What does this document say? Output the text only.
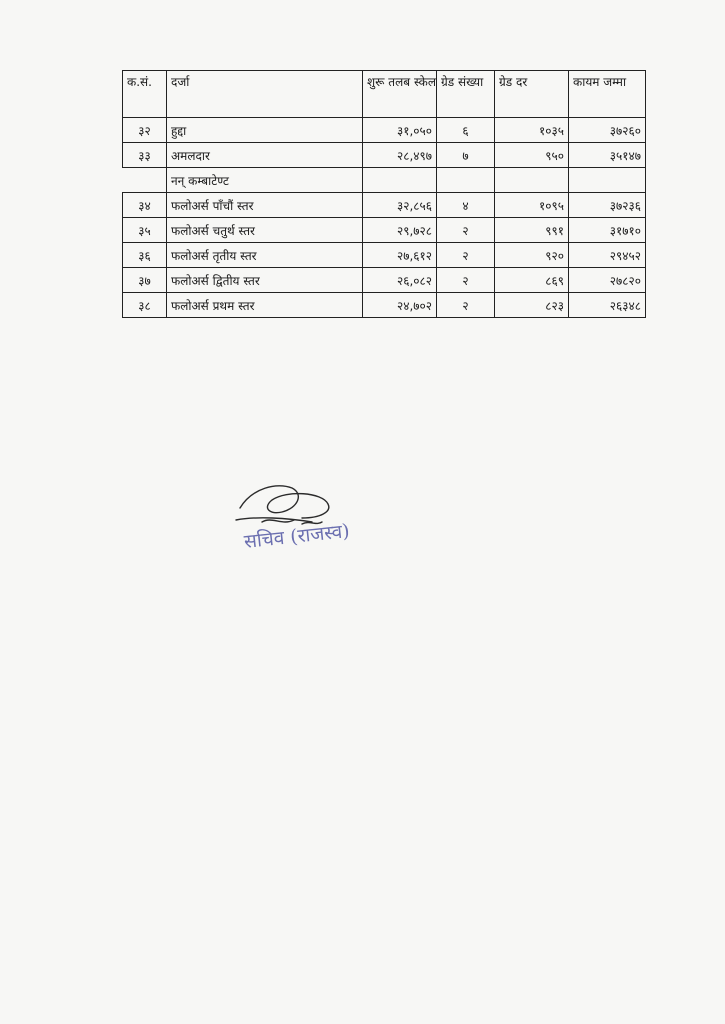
क.सं.	दर्जा	शुरू तलब स्केल	ग्रेड संख्या	ग्रेड दर	कायम जम्मा
३२	हुद्दा	३१,०५०	६	१०३५	३७२६०
३३	अमलदार	२८,४९७	७	९५०	३५१४७
	नन् कम्बाटेण्ट				
३४	फलोअर्स पाँचौं स्तर	३२,८५६	४	१०९५	३७२३६
३५	फलोअर्स चतुर्थ स्तर	२९,७२८	२	९९१	३१७१०
३६	फलोअर्स तृतीय स्तर	२७,६१२	२	९२०	२९४५२
३७	फलोअर्स द्वितीय स्तर	२६,०८२	२	८६९	२७८२०
३८	फलोअर्स प्रथम स्तर	२४,७०२	२	८२३	२६३४८
सचिव (राजस्व)
